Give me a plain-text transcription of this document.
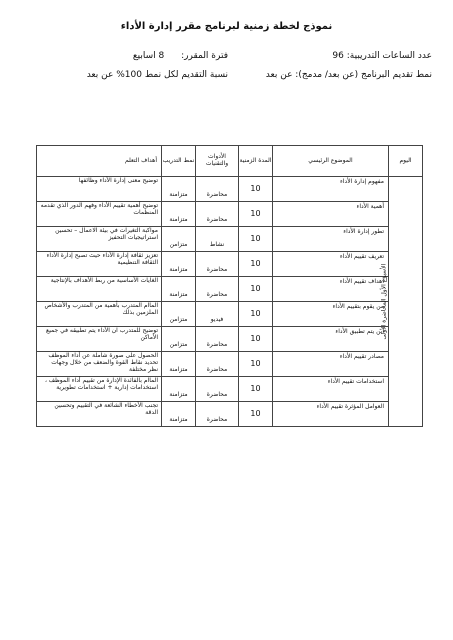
نموذج لخطة زمنية لبرنامج مقرر إدارة الأداء
عدد الساعات التدريبية: 96
فترة المقرر: 8 اسابيع
نمط تقديم البرنامج (عن بعد/ مدمج): عن بعد
نسبة التقديم لكل نمط 100% عن بعد
اليوم	الموضوع الرئيسي	المدة الزمنية	الأدوات والتقنيات	نمط التدريب	أهداف التعلم
الأسبوع الأول المحاضرة الأولى	مفهوم إدارة الأداء	10	محاضرة	متزامنة	توضيح معنى إدارة الأداء وظائفها
	أهمية الأداء	10	محاضرة	متزامنة	توضيح أهمية تقييم الأداء وفهم الدور الذي تقدمه المنظمات
	تطور إدارة الأداء	10	نشاط	متزامن	مواكبة التغيرات في بيئة الاعمال – تحسين استراتيجيات التحفيز
	تعريف تقييم الأداء	10	محاضرة	متزامنة	تعزيز ثقافة إدارة الأداء حيث تصبح إدارة الأداء الثقافة التنظيمية
	أهداف تقييم الأداء	10	محاضرة	متزامنة	الغايات الأساسية من ربط الأهداف بالإنتاجية
	من يقوم بتقييم الأداء	10	فيديو	متزامن	الماام المتدرب بأهمية من المتدرب والأشخاص الملزمين بذلك
	اين يتم تطبيق الأداء	10	محاضرة	متزامن	توضيح للمتدرب ان الأداء يتم تطبيقه في جميع الأماكن
	مصادر تقييم الأداء	10	محاضرة	متزامنة	الحصول على صورة شاملة عن أداء الموظف تحديد نقاط القوة والضعف من خلال وجهات نظر مختلفة
	استخدامات تقييم الأداء	10	محاضرة	متزامنة	الماام بالفائدة الإدارة من تقييم أداء الموظف ، استخدامات إدارية + استخدامات تطويرية
	العوامل المؤثرة تقييم الأداء	10	محاضرة	متزامنة	تجنب الأخطاء الشائعة في التقييم وتحسين الدقة
